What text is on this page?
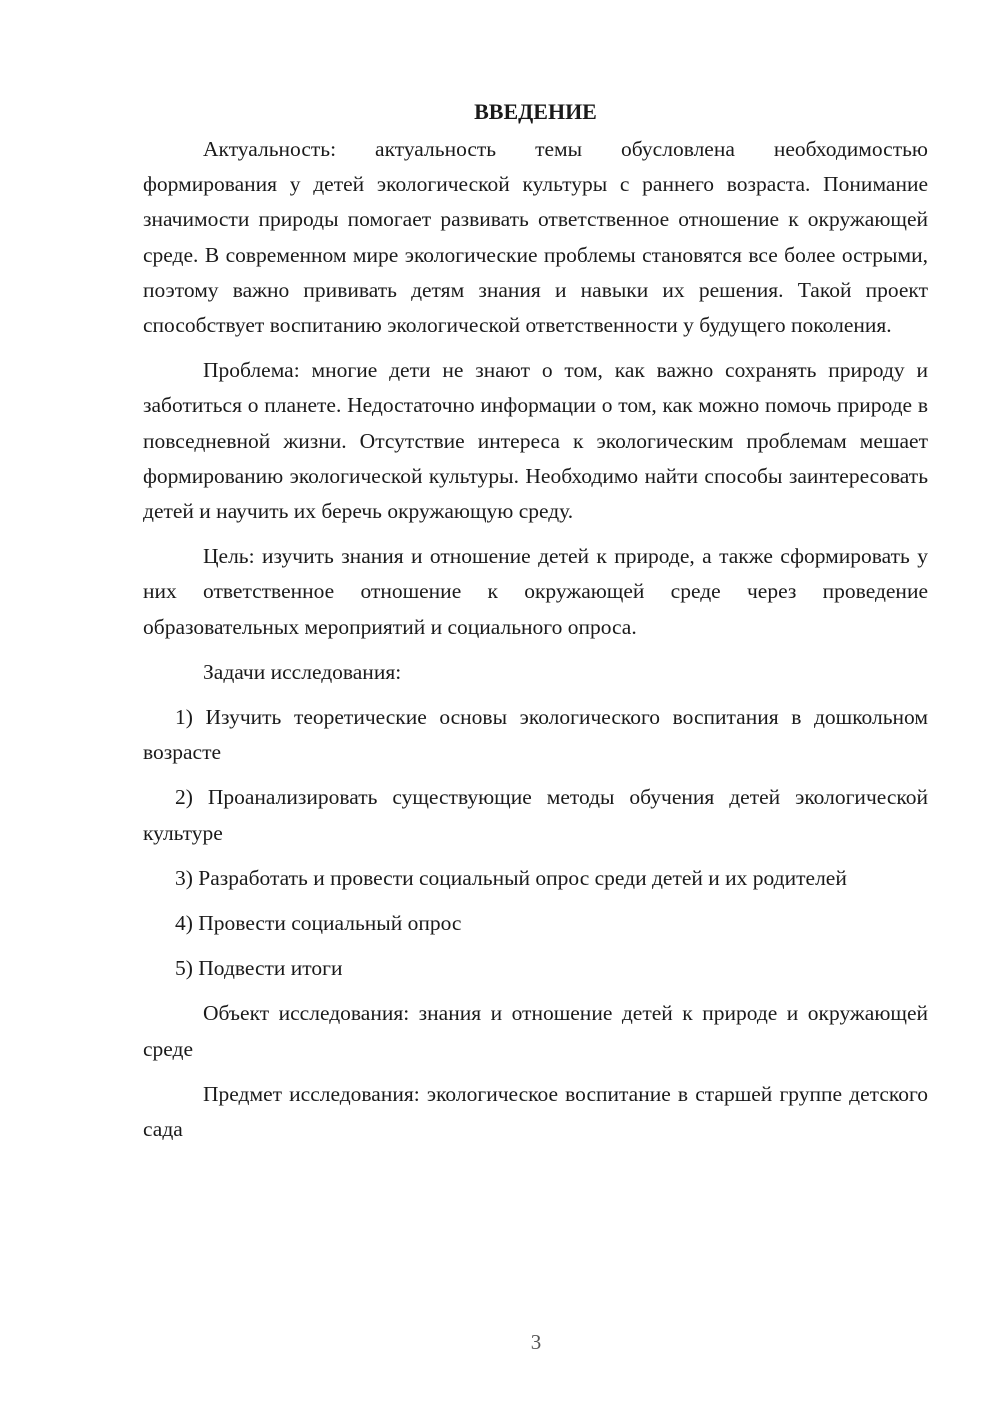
ВВЕДЕНИЕ

Актуальность: актуальность темы обусловлена необходимостью формирования у детей экологической культуры с раннего возраста. Понимание значимости природы помогает развивать ответственное отношение к окружающей среде. В современном мире экологические проблемы становятся все более острыми, поэтому важно прививать детям знания и навыки их решения. Такой проект способствует воспитанию экологической ответственности у будущего поколения.

Проблема: многие дети не знают о том, как важно сохранять природу и заботиться о планете. Недостаточно информации о том, как можно помочь природе в повседневной жизни. Отсутствие интереса к экологическим проблемам мешает формированию экологической культуры. Необходимо найти способы заинтересовать детей и научить их беречь окружающую среду.

Цель: изучить знания и отношение детей к природе, а также сформировать у них ответственное отношение к окружающей среде через проведение образовательных мероприятий и социального опроса.

Задачи исследования:

1) Изучить теоретические основы экологического воспитания в дошкольном возрасте

2) Проанализировать существующие методы обучения детей экологической культуре

3) Разработать и провести социальный опрос среди детей и их родителей

4) Провести социальный опрос

5) Подвести итоги

Объект исследования: знания и отношение детей к природе и окружающей среде

Предмет исследования: экологическое воспитание в старшей группе детского сада

3
